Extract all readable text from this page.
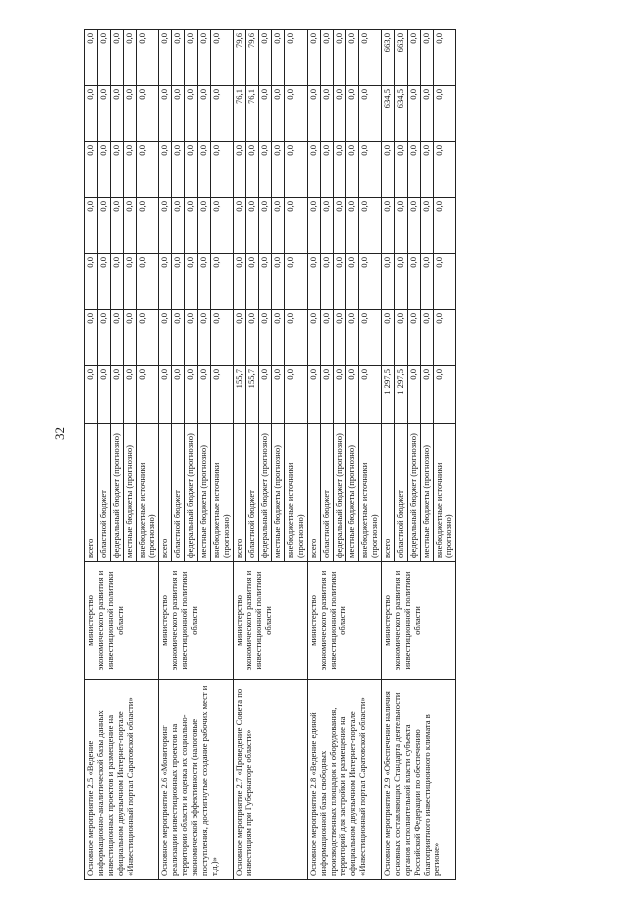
32
Основное мероприятие 2.5 «Ведение информационно-аналитической базы данных инвестиционных проектов и размещение на официальном двуязычном Интернет-портале «Инвестиционный портал Саратовской области»	министерство экономического развития и инвестиционной политики области	всего	0,0	0,0	0,0	0,0	0,0	0,0	0,0
		областной бюджет	0,0	0,0	0,0	0,0	0,0	0,0	0,0
		федеральный бюджет (прогнозно)	0,0	0,0	0,0	0,0	0,0	0,0	0,0
		местные бюджеты (прогнозно)	0,0	0,0	0,0	0,0	0,0	0,0	0,0
		внебюджетные источники (прогнозно)	0,0	0,0	0,0	0,0	0,0	0,0	0,0
Основное мероприятие 2.6 «Мониторинг реализации инвестиционных проектов на территории области и оценка их социально-экономической эффективности (налоговые поступления, достигнутые создание рабочих мест и т.д.)»	министерство экономического развития и инвестиционной политики области	всего	0,0	0,0	0,0	0,0	0,0	0,0	0,0
		областной бюджет	0,0	0,0	0,0	0,0	0,0	0,0	0,0
		федеральный бюджет (прогнозно)	0,0	0,0	0,0	0,0	0,0	0,0	0,0
		местные бюджеты (прогнозно)	0,0	0,0	0,0	0,0	0,0	0,0	0,0
		внебюджетные источники (прогнозно)	0,0	0,0	0,0	0,0	0,0	0,0	0,0
Основное мероприятие 2.7 «Проведение Совета по инвестициям при Губернаторе области»	министерство экономического развития и инвестиционной политики области	всего	155,7	0,0	0,0	0,0	0,0	76,1	79,6
		областной бюджет	155,7	0,0	0,0	0,0	0,0	76,1	79,6
		федеральный бюджет (прогнозно)	0,0	0,0	0,0	0,0	0,0	0,0	0,0
		местные бюджеты (прогнозно)	0,0	0,0	0,0	0,0	0,0	0,0	0,0
		внебюджетные источники (прогнозно)	0,0	0,0	0,0	0,0	0,0	0,0	0,0
Основное мероприятие 2.8 «Ведение единой информационной базы свободных производственных площадок и оборудования, территорий для застройки и размещение на официальном двуязычном Интернет-портале «Инвестиционный портал Саратовской области»	министерство экономического развития и инвестиционной политики области	всего	0,0	0,0	0,0	0,0	0,0	0,0	0,0
		областной бюджет	0,0	0,0	0,0	0,0	0,0	0,0	0,0
		федеральный бюджет (прогнозно)	0,0	0,0	0,0	0,0	0,0	0,0	0,0
		местные бюджеты (прогнозно)	0,0	0,0	0,0	0,0	0,0	0,0	0,0
		внебюджетные источники (прогнозно)	0,0	0,0	0,0	0,0	0,0	0,0	0,0
Основное мероприятие 2.9 «Обеспечение наличия основных составляющих Стандарта деятельности органов исполнительной власти субъекта Российской Федерации по обеспечению благоприятного инвестиционного климата в регионе»	министерство экономического развития и инвестиционной политики области	всего	1 297,5	0,0	0,0	0,0	0,0	634,5	663,0
		областной бюджет	1 297,5	0,0	0,0	0,0	0,0	634,5	663,0
		федеральный бюджет (прогнозно)	0,0	0,0	0,0	0,0	0,0	0,0	0,0
		местные бюджеты (прогнозно)	0,0	0,0	0,0	0,0	0,0	0,0	0,0
		внебюджетные источники (прогнозно)	0,0	0,0	0,0	0,0	0,0	0,0	0,0
